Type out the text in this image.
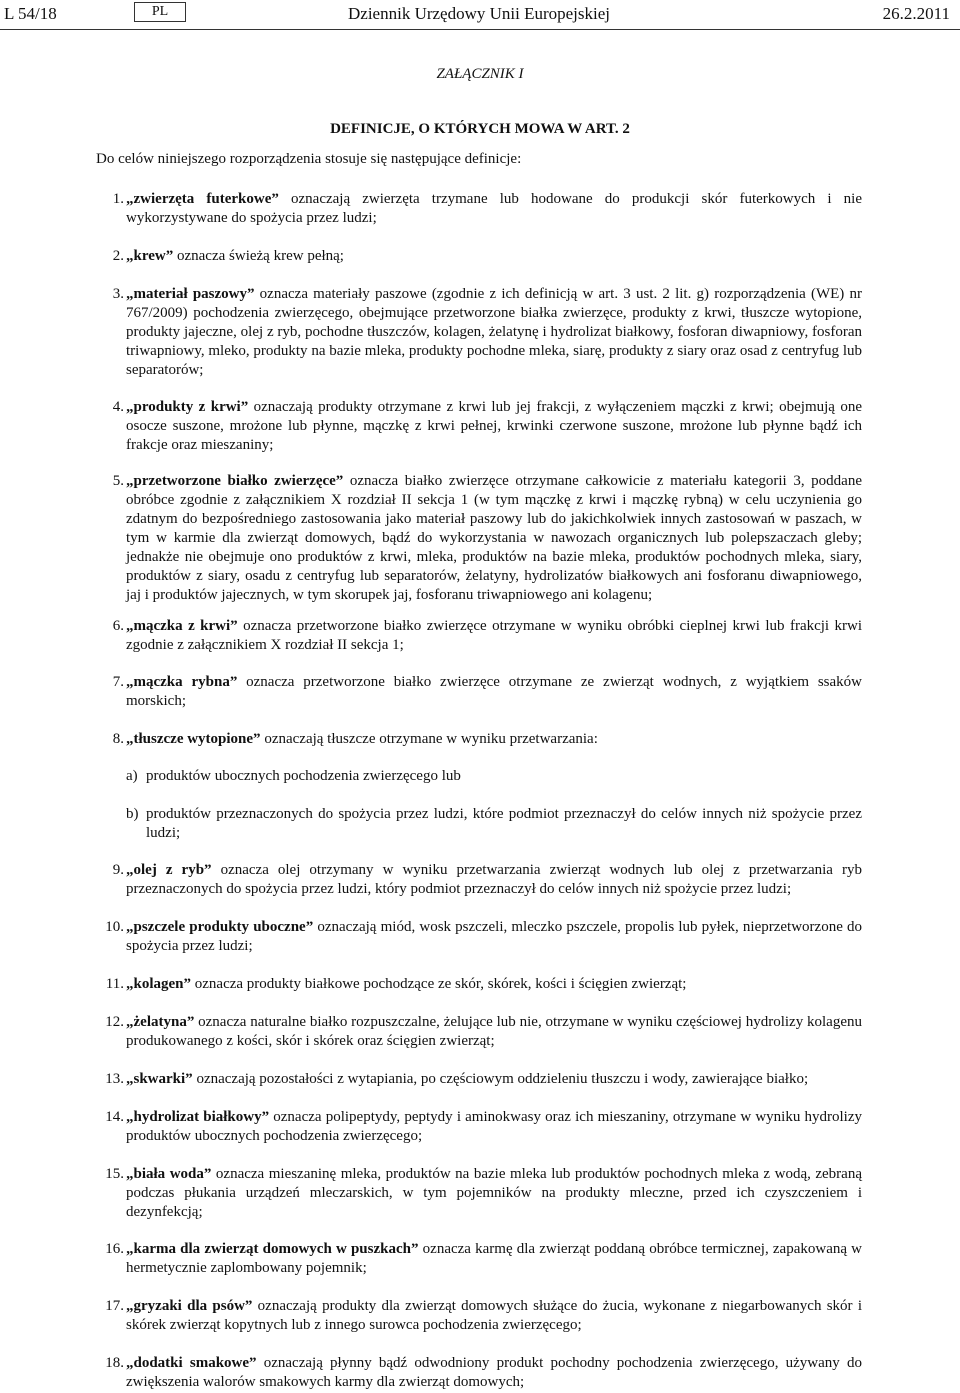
L 54/18	PL	Dziennik Urzędowy Unii Europejskiej	26.2.2011
ZAŁĄCZNIK I
DEFINICJE, O KTÓRYCH MOWA W ART. 2
Do celów niniejszego rozporządzenia stosuje się następujące definicje:
1. „zwierzęta futerkowe” oznaczają zwierzęta trzymane lub hodowane do produkcji skór futerkowych i nie wykorzystywane do spożycia przez ludzi;
2. „krew” oznacza świeżą krew pełną;
3. „materiał paszowy” oznacza materiały paszowe (zgodnie z ich definicją w art. 3 ust. 2 lit. g) rozporządzenia (WE) nr 767/2009) pochodzenia zwierzęcego, obejmujące przetworzone białka zwierzęce, produkty z krwi, tłuszcze wytopione, produkty jajeczne, olej z ryb, pochodne tłuszczów, kolagen, żelatynę i hydrolizat białkowy, fosforan diwapniowy, fosforan triwapniowy, mleko, produkty na bazie mleka, produkty pochodne mleka, siarę, produkty z siary oraz osad z centryfug lub separatorów;
4. „produkty z krwi” oznaczają produkty otrzymane z krwi lub jej frakcji, z wyłączeniem mączki z krwi; obejmują one osocze suszone, mrożone lub płynne, mączkę z krwi pełnej, krwinki czerwone suszone, mrożone lub płynne bądź ich frakcje oraz mieszaniny;
5. „przetworzone białko zwierzęce” oznacza białko zwierzęce otrzymane całkowicie z materiału kategorii 3, poddane obróbce zgodnie z załącznikiem X rozdział II sekcja 1 (w tym mączkę z krwi i mączkę rybną) w celu uczynienia go zdatnym do bezpośredniego zastosowania jako materiał paszowy lub do jakichkolwiek innych zastosowań w paszach, w tym w karmie dla zwierząt domowych, bądź do wykorzystania w nawozach organicznych lub polepszaczach gleby; jednakże nie obejmuje ono produktów z krwi, mleka, produktów na bazie mleka, produktów pochodnych mleka, siary, produktów z siary, osadu z centryfug lub separatorów, żelatyny, hydrolizatów białkowych ani fosforanu diwapniowego, jaj i produktów jajecznych, w tym skorupek jaj, fosforanu triwapniowego ani kolagenu;
6. „mączka z krwi” oznacza przetworzone białko zwierzęce otrzymane w wyniku obróbki cieplnej krwi lub frakcji krwi zgodnie z załącznikiem X rozdział II sekcja 1;
7. „mączka rybna” oznacza przetworzone białko zwierzęce otrzymane ze zwierząt wodnych, z wyjątkiem ssaków morskich;
8. „tłuszcze wytopione” oznaczają tłuszcze otrzymane w wyniku przetwarzania:
a) produktów ubocznych pochodzenia zwierzęcego lub
b) produktów przeznaczonych do spożycia przez ludzi, które podmiot przeznaczył do celów innych niż spożycie przez ludzi;
9. „olej z ryb” oznacza olej otrzymany w wyniku przetwarzania zwierząt wodnych lub olej z przetwarzania ryb przeznaczonych do spożycia przez ludzi, który podmiot przeznaczył do celów innych niż spożycie przez ludzi;
10. „pszczele produkty uboczne” oznaczają miód, wosk pszczeli, mleczko pszczele, propolis lub pyłek, nieprzetworzone do spożycia przez ludzi;
11. „kolagen” oznacza produkty białkowe pochodzące ze skór, skórek, kości i ścięgien zwierząt;
12. „żelatyna” oznacza naturalne białko rozpuszczalne, żelujące lub nie, otrzymane w wyniku częściowej hydrolizy kolagenu produkowanego z kości, skór i skórek oraz ścięgien zwierząt;
13. „skwarki” oznaczają pozostałości z wytapiania, po częściowym oddzieleniu tłuszczu i wody, zawierające białko;
14. „hydrolizat białkowy” oznacza polipeptydy, peptydy i aminokwasy oraz ich mieszaniny, otrzymane w wyniku hydrolizy produktów ubocznych pochodzenia zwierzęcego;
15. „biała woda” oznacza mieszaninę mleka, produktów na bazie mleka lub produktów pochodnych mleka z wodą, zebraną podczas płukania urządzeń mleczarskich, w tym pojemników na produkty mleczne, przed ich czyszczeniem i dezynfekcją;
16. „karma dla zwierząt domowych w puszkach” oznacza karmę dla zwierząt poddaną obróbce termicznej, zapakowaną w hermetycznie zaplombowany pojemnik;
17. „gryzaki dla psów” oznaczają produkty dla zwierząt domowych służące do żucia, wykonane z niegarbowanych skór i skórek zwierząt kopytnych lub z innego surowca pochodzenia zwierzęcego;
18. „dodatki smakowe” oznaczają płynny bądź odwodniony produkt pochodny pochodzenia zwierzęcego, używany do zwiększenia walorów smakowych karmy dla zwierząt domowych;
